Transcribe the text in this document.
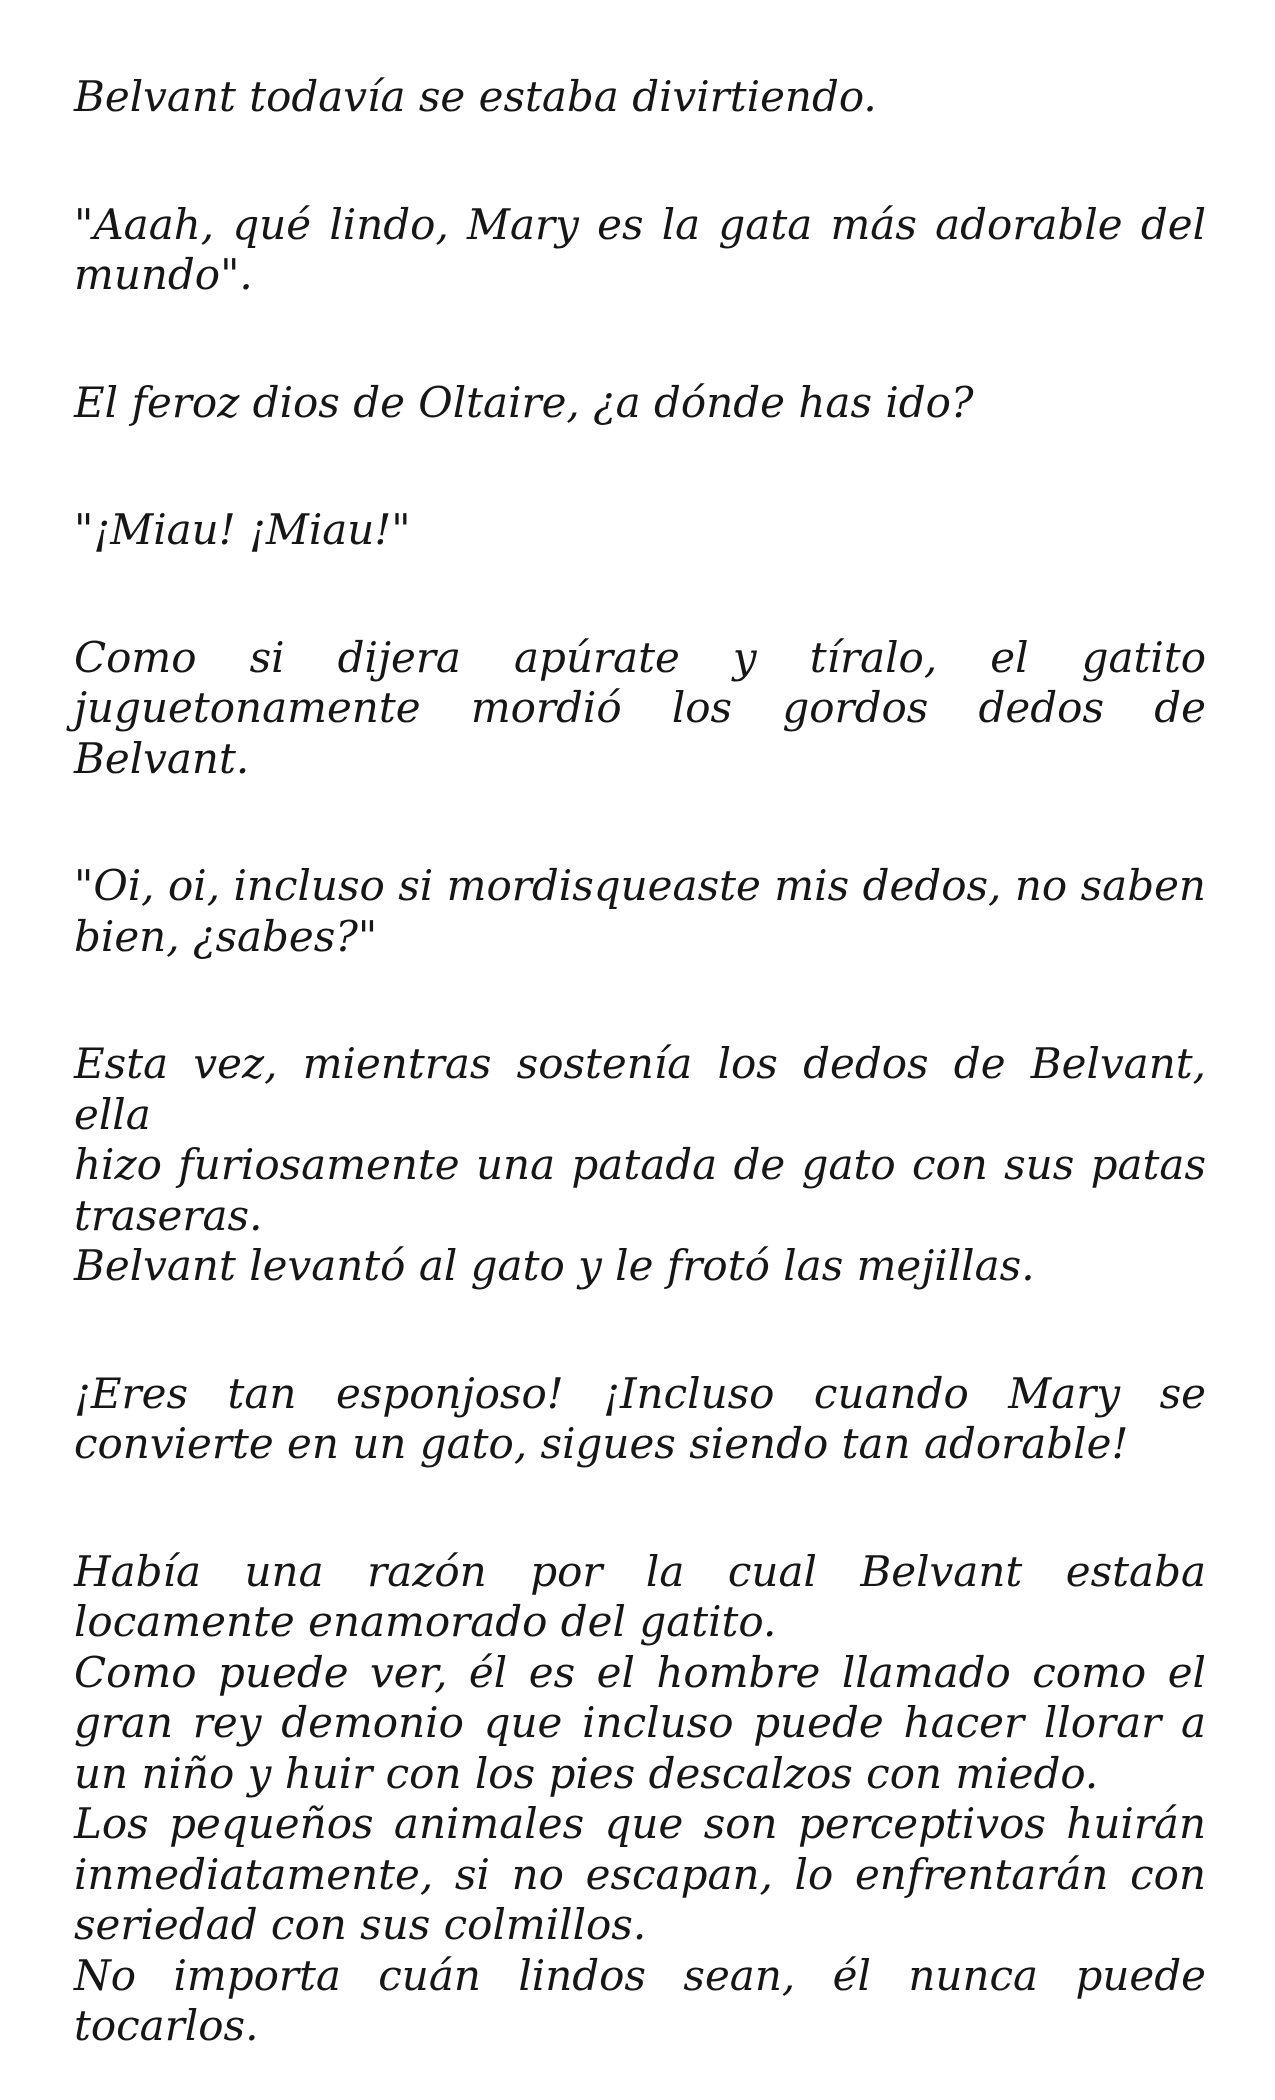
Belvant todavía se estaba divirtiendo.

"Aaah, qué lindo, Mary es la gata más adorable del
mundo".

El feroz dios de Oltaire, ¿a dónde has ido?

"¡Miau! ¡Miau!"

Como si dijera apúrate y tíralo, el gatito
juguetonamente mordió los gordos dedos de Belvant.

"Oi, oi, incluso si mordisqueaste mis dedos, no saben
bien, ¿sabes?"

Esta vez, mientras sostenía los dedos de Belvant, ella
hizo furiosamente una patada de gato con sus patas
traseras.
Belvant levantó al gato y le frotó las mejillas.

¡Eres tan esponjoso! ¡Incluso cuando Mary se
convierte en un gato, sigues siendo tan adorable!

Había una razón por la cual Belvant estaba
locamente enamorado del gatito.
Como puede ver, él es el hombre llamado como el
gran rey demonio que incluso puede hacer llorar a
un niño y huir con los pies descalzos con miedo.
Los pequeños animales que son perceptivos huirán
inmediatamente, si no escapan, lo enfrentarán con
seriedad con sus colmillos.
No importa cuán lindos sean, él nunca puede
tocarlos.
